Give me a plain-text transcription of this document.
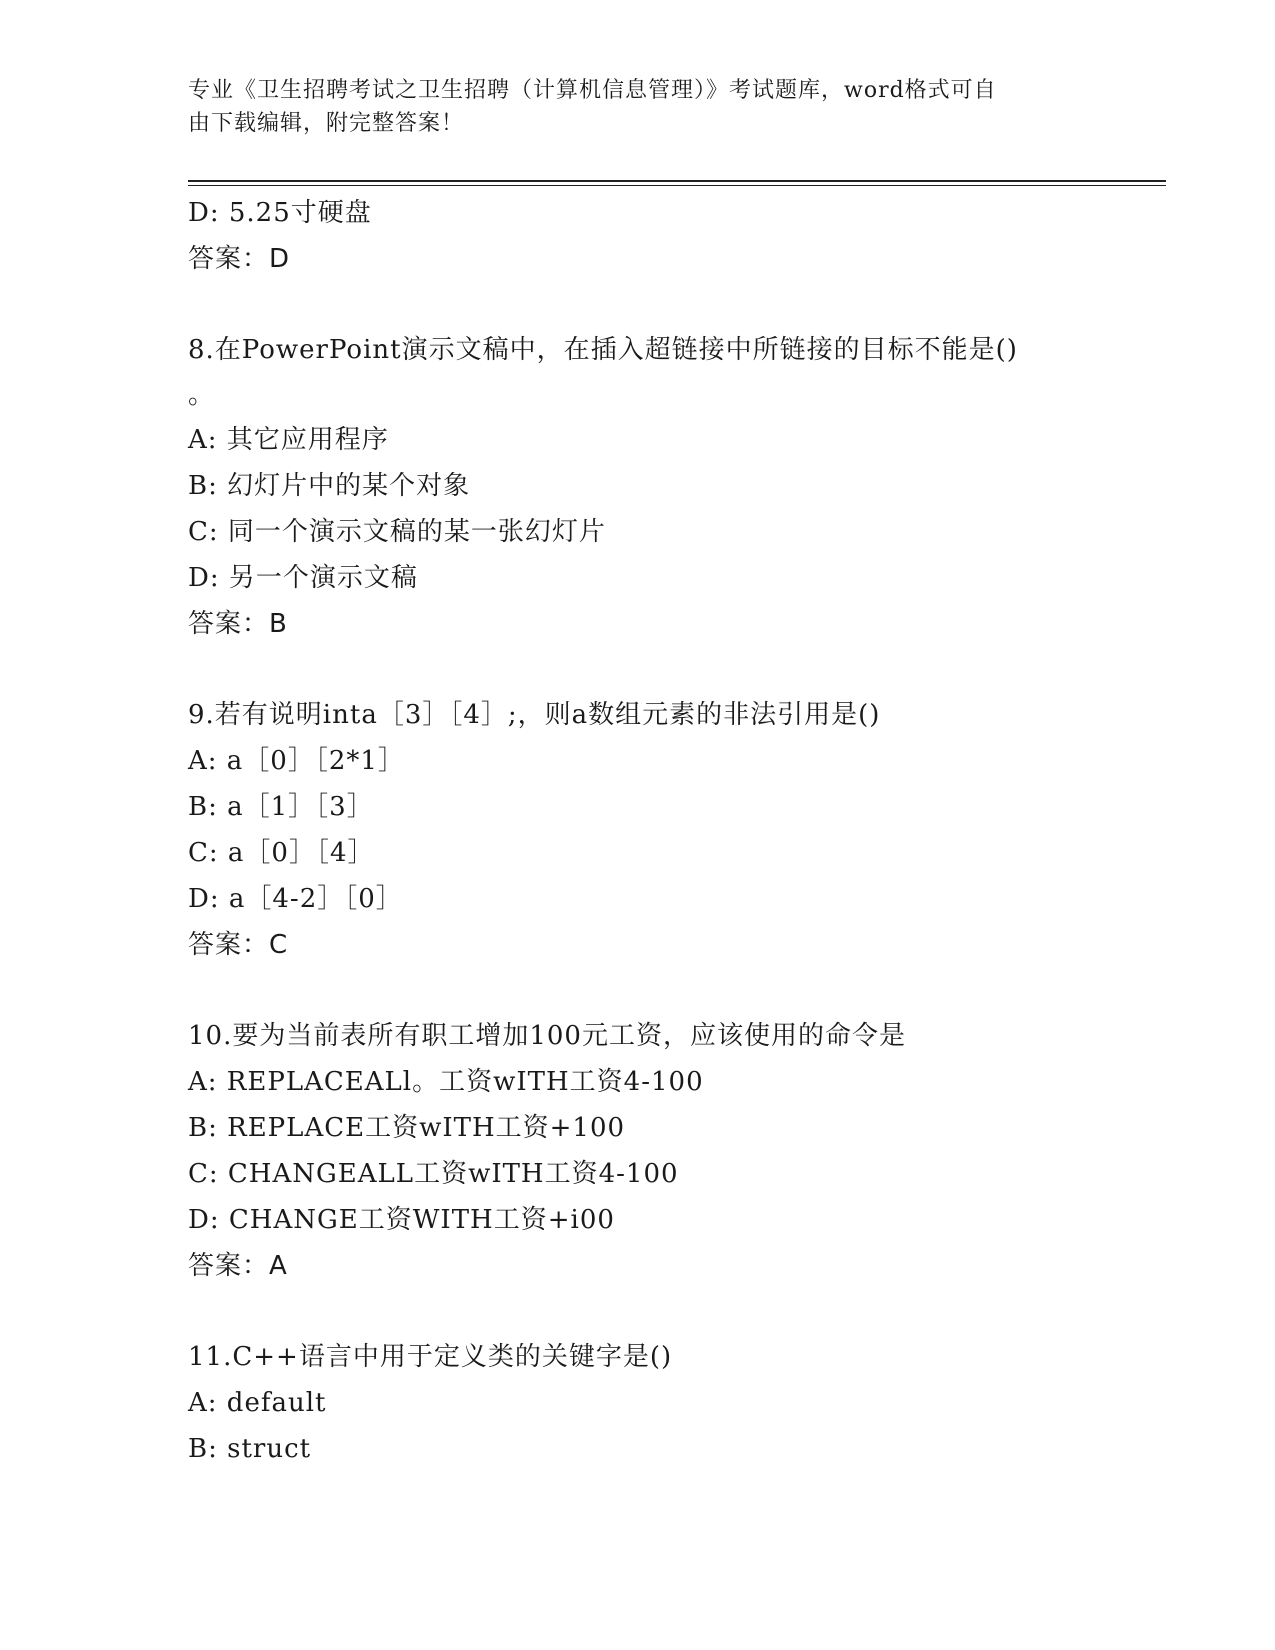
专业《卫生招聘考试之卫生招聘（计算机信息管理）》考试题库，word格式可自
由下载编辑，附完整答案！
D: 5.25寸硬盘
答案：D
8.在PowerPoint演示文稿中，在插入超链接中所链接的目标不能是()
。
A: 其它应用程序
B: 幻灯片中的某个对象
C: 同一个演示文稿的某一张幻灯片
D: 另一个演示文稿
答案：B
9.若有说明inta［3］［4］;，则a数组元素的非法引用是()
A: a［0］［2*1］
B: a［1］［3］
C: a［0］［4］
D: a［4-2］［0］
答案：C
10.要为当前表所有职工增加100元工资，应该使用的命令是
A: REPLACEALl。工资wITH工资4-100
B: REPLACE工资wITH工资+100
C: CHANGEALL工资wITH工资4-100
D: CHANGE工资WITH工资+i00
答案：A
11.C++语言中用于定义类的关键字是()
A: default
B: struct
